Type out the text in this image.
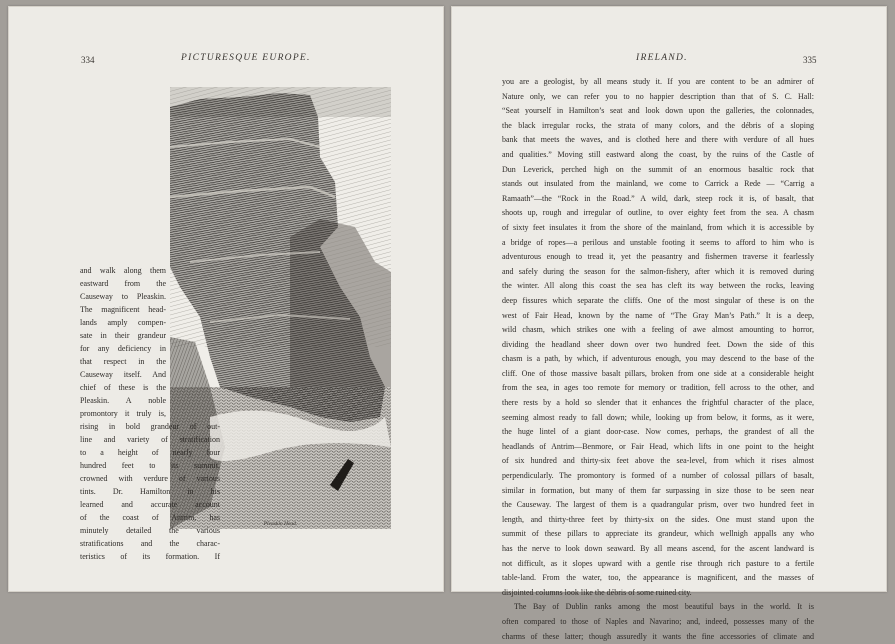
334	PICTURESQUE EUROPE.
Pleaskin Head.
and walk along them
eastward from the
Causeway to Pleaskin.
The magnificent head-
lands amply compen-
sate in their grandeur
for any deficiency in
that respect in the
Causeway itself. And
chief of these is the
Pleaskin. A noble
promontory it truly is,
rising in bold grandeur of out-
line and variety of stratification
to a height of nearly four
hundred feet to its summit,
crowned with verdure of various
tints. Dr. Hamilton in his
learned and accurate account
of the coast of Antrim, has
minutely detailed the various
stratifications and the charac-
teristics of its formation. If
IRELAND.	335
you are a geologist, by all means study it. If you are content to be an admirer of
Nature only, we can refer you to no happier description than that of S. C. Hall:
“Seat yourself in Hamilton’s seat and look down upon the galleries, the colonnades,
the black irregular rocks, the strata of many colors, and the débris of a sloping
bank that meets the waves, and is clothed here and there with verdure of all hues
and qualities.” Moving still eastward along the coast, by the ruins of the Castle of
Dun Leverick, perched high on the summit of an enormous basaltic rock that
stands out insulated from the mainland, we come to Carrick a Rede — “Carrig a
Ramaath”—the “Rock in the Road.” A wild, dark, steep rock it is, of basalt, that
shoots up, rough and irregular of outline, to over eighty feet from the sea. A chasm
of sixty feet insulates it from the shore of the mainland, from which it is accessible by
a bridge of ropes—a perilous and unstable footing it seems to afford to him who is
adventurous enough to tread it, yet the peasantry and fishermen traverse it fearlessly
and safely during the season for the salmon-fishery, after which it is removed during
the winter. All along this coast the sea has cleft its way between the rocks, leaving
deep fissures which separate the cliffs. One of the most singular of these is on the
west of Fair Head, known by the name of “The Gray Man’s Path.” It is a deep,
wild chasm, which strikes one with a feeling of awe almost amounting to horror,
dividing the headland sheer down over two hundred feet. Down the side of this
chasm is a path, by which, if adventurous enough, you may descend to the base of the
cliff. One of those massive basalt pillars, broken from one side at a considerable height
from the sea, in ages too remote for memory or tradition, fell across to the other, and
there rests by a hold so slender that it enhances the frightful character of the place,
seeming almost ready to fall down; while, looking up from below, it forms, as it were,
the huge lintel of a giant door-case. Now comes, perhaps, the grandest of all the
headlands of Antrim—Benmore, or Fair Head, which lifts in one point to the height
of six hundred and thirty-six feet above the sea-level, from which it rises almost
perpendicularly. The promontory is formed of a number of colossal pillars of basalt,
similar in formation, but many of them far surpassing in size those to be seen near
the Causeway. The largest of them is a quadrangular prism, over two hundred feet in
length, and thirty-three feet by thirty-six on the sides. One must stand upon the
summit of these pillars to appreciate its grandeur, which wellnigh appalls any who
has the nerve to look down seaward. By all means ascend, for the ascent landward is
not difficult, as it slopes upward with a gentle rise through rich pasture to a fertile
table-land. From the water, too, the appearance is magnificent, and the masses of
disjointed columns look like the débris of some ruined city.
The Bay of Dublin ranks among the most beautiful bays in the world. It is
often compared to those of Naples and Navarino; and, indeed, possesses many of the
charms of these latter; though assuredly it wants the fine accessories of climate and
